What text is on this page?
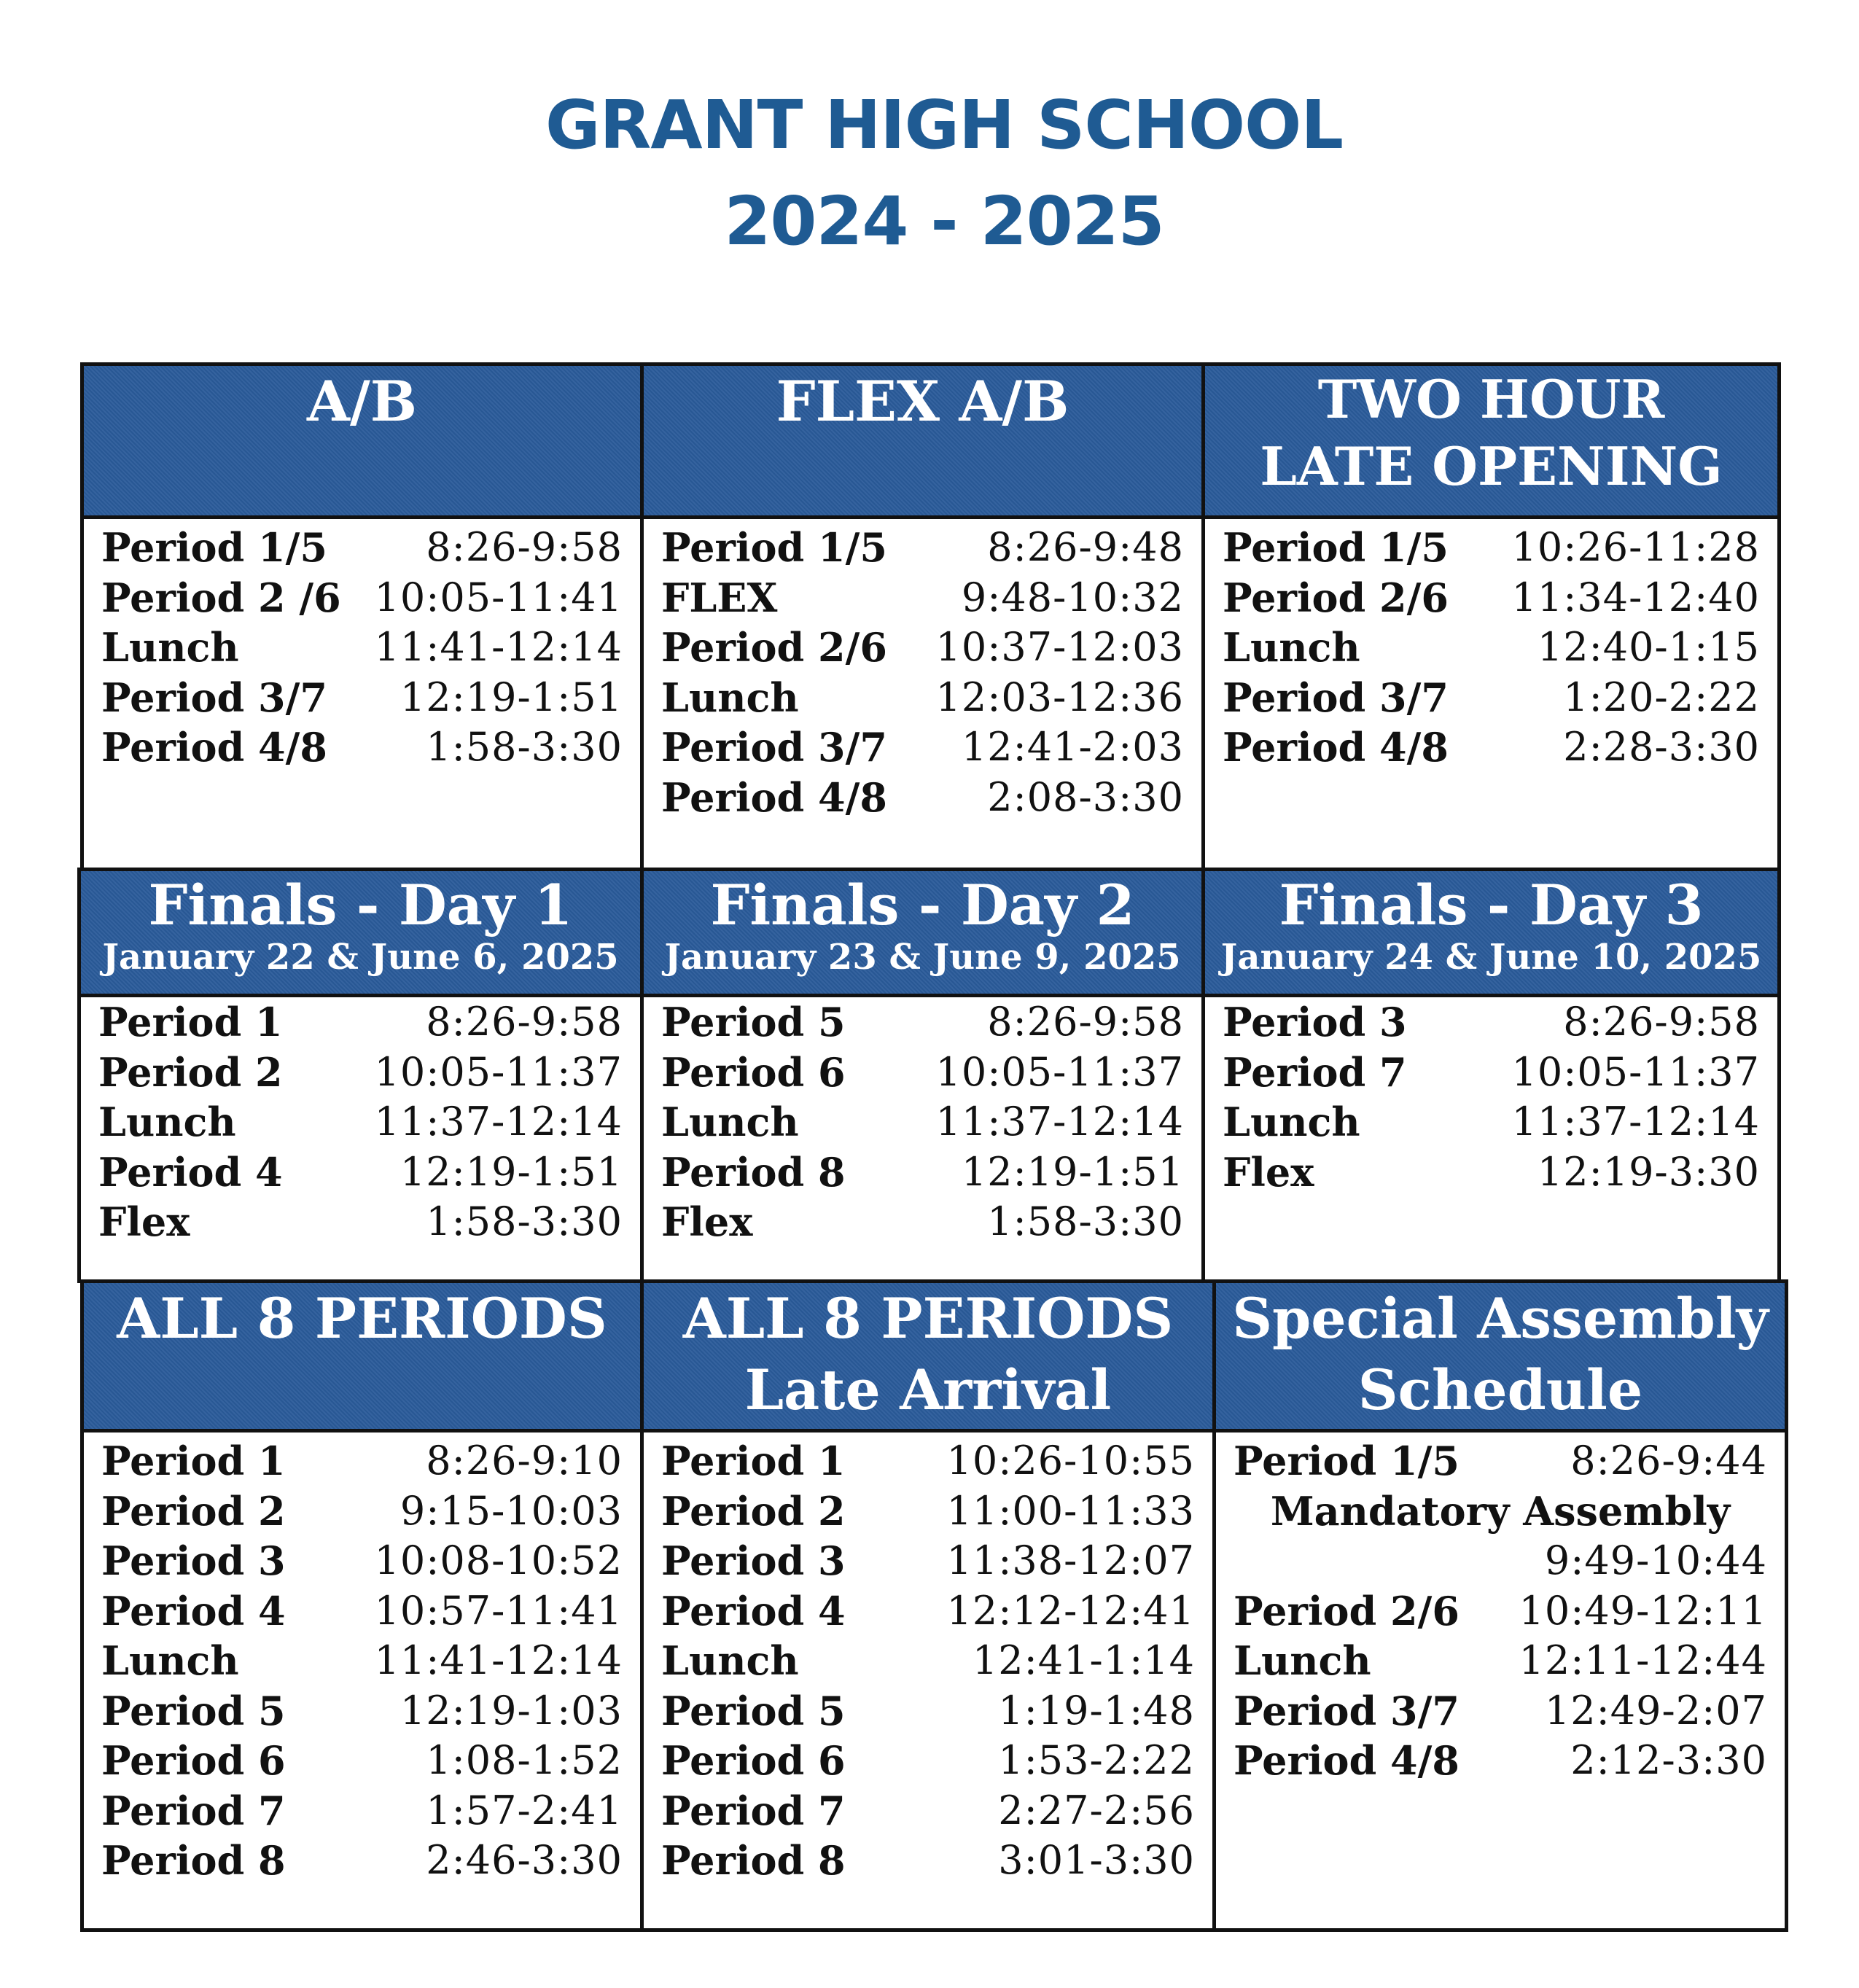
GRANT HIGH SCHOOL
2024 - 2025
A/B
Period 1/5	8:26-9:58
Period 2 /6 10:05-11:41
Lunch	11:41-12:14
Period 3/7 12:19-1:51
Period 4/8	1:58-3:30
FLEX A/B
Period 1/5	8:26-9:48
FLEX	9:48-10:32
Period 2/6 10:37-12:03
Lunch	12:03-12:36
Period 3/7 12:41-2:03
Period 4/8	2:08-3:30
TWO HOUR
LATE OPENING
Period 1/5 10:26-11:28
Period 2/6 11:34-12:40
Lunch	12:40-1:15
Period 3/7	1:20-2:22
Period 4/8	2:28-3:30
Finals - Day 1
January 22 & June 6, 2025
Period 1	8:26-9:58
Period 2 10:05-11:37
Lunch	11:37-12:14
Period 4	12:19-1:51
Flex	1:58-3:30
Finals - Day 2
January 23 & June 9, 2025
Period 5	8:26-9:58
Period 6 10:05-11:37
Lunch	11:37-12:14
Period 8	12:19-1:51
Flex	1:58-3:30
Finals - Day 3
January 24 & June 10, 2025
Period 3	8:26-9:58
Period 7	10:05-11:37
Lunch	11:37-12:14
Flex	12:19-3:30
ALL 8 PERIODS
Period 1	8:26-9:10
Period 2	9:15-10:03
Period 3 10:08-10:52
Period 4 10:57-11:41
Lunch	11:41-12:14
Period 5	12:19-1:03
Period 6	1:08-1:52
Period 7	1:57-2:41
Period 8	2:46-3:30
ALL 8 PERIODS
Late Arrival
Period 1	10:26-10:55
Period 2	11:00-11:33
Period 3	11:38-12:07
Period 4	12:12-12:41
Lunch	12:41-1:14
Period 5	1:19-1:48
Period 6	1:53-2:22
Period 7	2:27-2:56
Period 8	3:01-3:30
Special Assembly
Schedule
Period 1/5	8:26-9:44
Mandatory Assembly
9:49-10:44
Period 2/6 10:49-12:11
Lunch	12:11-12:44
Period 3/7 12:49-2:07
Period 4/8	2:12-3:30
